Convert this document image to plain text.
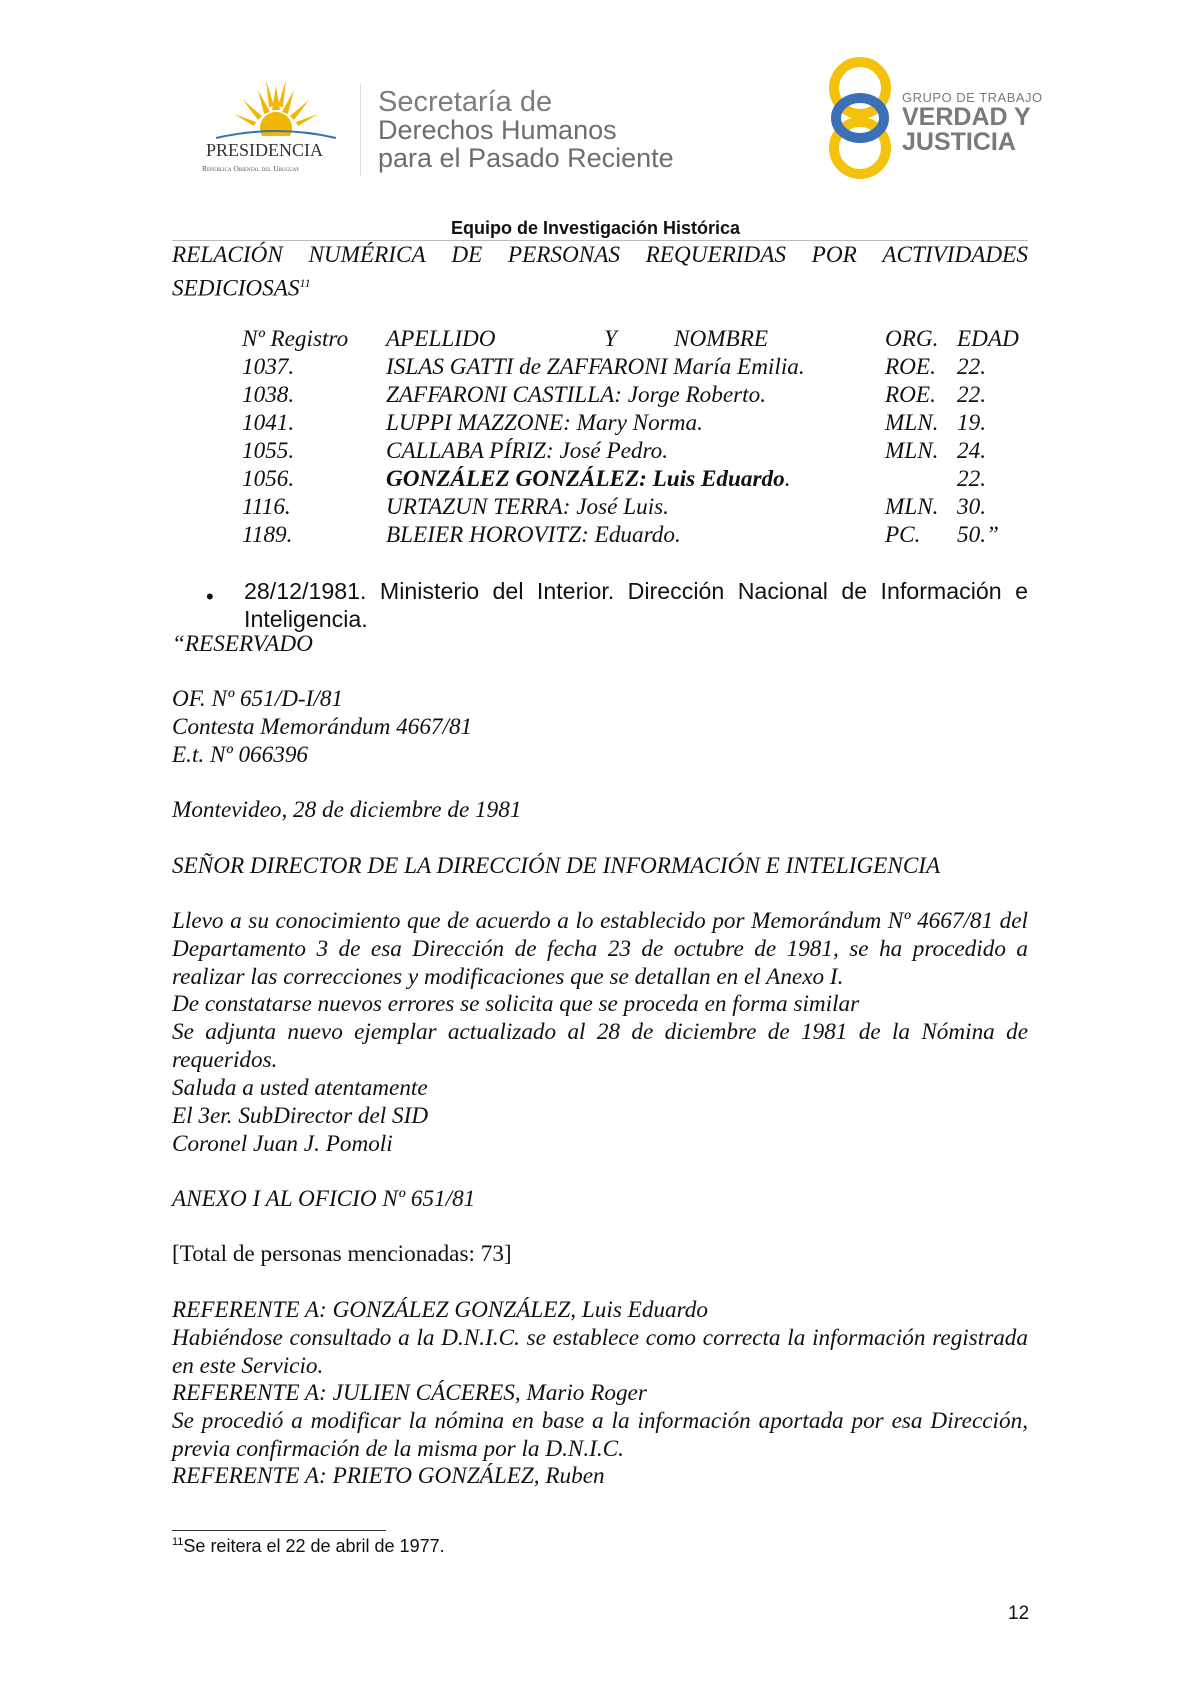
PRESIDENCIA
República Oriental del Uruguay
Secretaría de
Derechos Humanos
para el Pasado Reciente
GRUPO DE TRABAJO
VERDAD Y
JUSTICIA
Equipo de Investigación Histórica
RELACIÓN NUMÉRICA DE PERSONAS REQUERIDAS POR ACTIVIDADES
SEDICIOSAS$^{11}$
Nº Registro APELLIDO	Y NOMBRE	ORG. EDAD
1037.	ISLAS GATTI de ZAFFARONI María Emilia.	ROE. 22.
1038.	ZAFFARONI CASTILLA: Jorge Roberto.	ROE. 22.
1041.	LUPPI MAZZONE: Mary Norma.	MLN. 19.
1055.	CALLABA PÍRIZ: José Pedro.	MLN. 24.
1056.	GONZÁLEZ GONZÁLEZ: Luis Eduardo.	22.
1116.	URTAZUN TERRA: José Luis.	MLN. 30.
1189.	BLEIER HOROVITZ: Eduardo.	PC. 50.”
• 28/12/1981. Ministerio del Interior. Dirección Nacional de Información e Inteligencia.
“RESERVADO
OF. Nº 651/D-I/81
Contesta Memorándum 4667/81
E.t. Nº 066396
Montevideo, 28 de diciembre de 1981
SEÑOR DIRECTOR DE LA DIRECCIÓN DE INFORMACIÓN E INTELIGENCIA
Llevo a su conocimiento que de acuerdo a lo establecido por Memorándum Nº 4667/81 del Departamento 3 de esa Dirección de fecha 23 de octubre de 1981, se ha procedido a realizar las correcciones y modificaciones que se detallan en el Anexo I.
De constatarse nuevos errores se solicita que se proceda en forma similar
Se adjunta nuevo ejemplar actualizado al 28 de diciembre de 1981 de la Nómina de requeridos.
Saluda a usted atentamente
El 3er. SubDirector del SID
Coronel Juan J. Pomoli
ANEXO I AL OFICIO Nº 651/81
[Total de personas mencionadas: 73]
REFERENTE A: GONZÁLEZ GONZÁLEZ, Luis Eduardo
Habiéndose consultado a la D.N.I.C. se establece como correcta la información registrada en este Servicio.
REFERENTE A: JULIEN CÁCERES, Mario Roger
Se procedió a modificar la nómina en base a la información aportada por esa Dirección, previa confirmación de la misma por la D.N.I.C.
REFERENTE A: PRIETO GONZÁLEZ, Ruben
$^{11}$Se reitera el 22 de abril de 1977.
12
